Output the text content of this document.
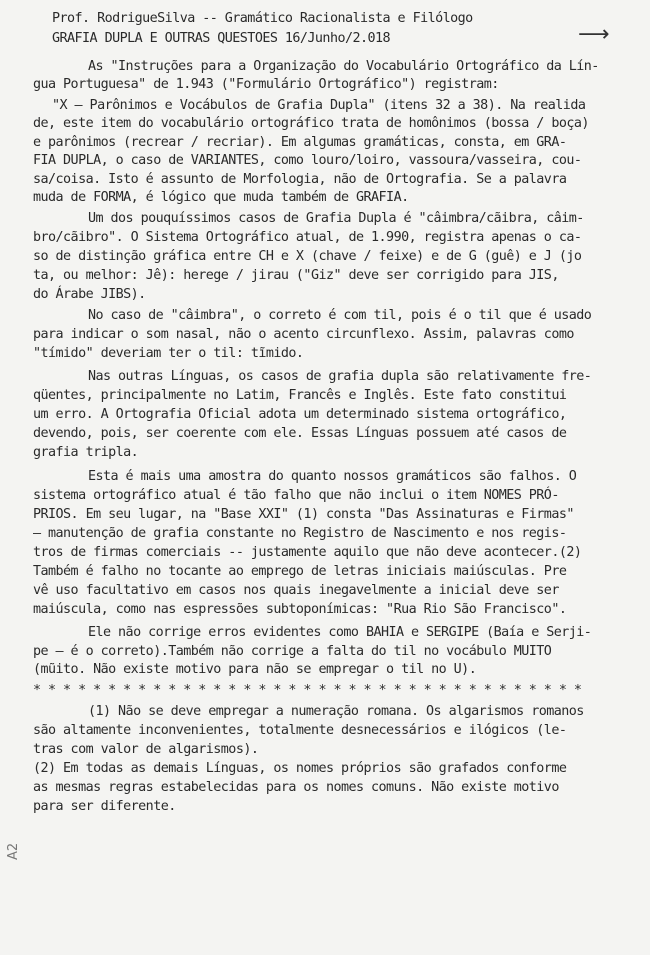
Prof. RodrigueSilva -- Gramático Racionalista e Filólogo
⟶
GRAFIA DUPLA E OUTRAS QUESTOES 16/Junho/2.018
As "Instruções para a Organização do Vocabulário Ortográfico da Lín-
gua Portuguesa" de 1.943 ("Formulário Ortográfico") registram:
"X — Parônimos e Vocábulos de Grafia Dupla" (itens 32 a 38). Na realida
de, este item do vocabulário ortográfico trata de homônimos (bossa / boça)
e parônimos (recrear / recriar). Em algumas gramáticas, consta, em GRA-
FIA DUPLA, o caso de VARIANTES, como louro/loiro, vassoura/vasseira, cou-
sa/coisa. Isto é assunto de Morfologia, não de Ortografia. Se a palavra
muda de FORMA, é lógico que muda também de GRAFIA.
Um dos pouquíssimos casos de Grafia Dupla é "câimbra/cãibra, câim-
bro/cãibro". O Sistema Ortográfico atual, de 1.990, registra apenas o ca-
so de distinção gráfica entre CH e X (chave / feixe) e de G (guê) e J (jo
ta, ou melhor: Jê): herege / jirau ("Giz" deve ser corrigido para JIS,
do Árabe JIBS).
No caso de "câimbra", o correto é com til, pois é o til que é usado
para indicar o som nasal, não o acento circunflexo. Assim, palavras como
"tímido" deveriam ter o til: tĩmido.
Nas outras Línguas, os casos de grafia dupla são relativamente fre-
qüentes, principalmente no Latim, Francês e Inglês. Este fato constitui
um erro. A Ortografia Oficial adota um determinado sistema ortográfico,
devendo, pois, ser coerente com ele. Essas Línguas possuem até casos de
grafia tripla.
Esta é mais uma amostra do quanto nossos gramáticos são falhos. O
sistema ortográfico atual é tão falho que não inclui o item NOMES PRÓ-
PRIOS. Em seu lugar, na "Base XXI" (1) consta "Das Assinaturas e Firmas"
— manutenção de grafia constante no Registro de Nascimento e nos regis-
tros de firmas comerciais -- justamente aquilo que não deve acontecer.(2)
Também é falho no tocante ao emprego de letras iniciais maiúsculas. Pre
vê uso facultativo em casos nos quais inegavelmente a inicial deve ser
maiúscula, como nas espressões subtoponímicas: "Rua Rio São Francisco".
Ele não corrige erros evidentes como BAHIA e SERGIPE (Baía e Serji-
pe — é o correto).Também não corrige a falta do til no vocábulo MUITO
(mũito. Não existe motivo para não se empregar o til no U).
* * * * * * * * * * * * * * * * * * * * * * * * * * * * * * * * * * * * *
(1) Não se deve empregar a numeração romana. Os algarismos romanos
são altamente inconvenientes, totalmente desnecessários e ilógicos (le-
tras com valor de algarismos).
(2) Em todas as demais Línguas, os nomes próprios são grafados conforme
as mesmas regras estabelecidas para os nomes comuns. Não existe motivo
para ser diferente.
A2
